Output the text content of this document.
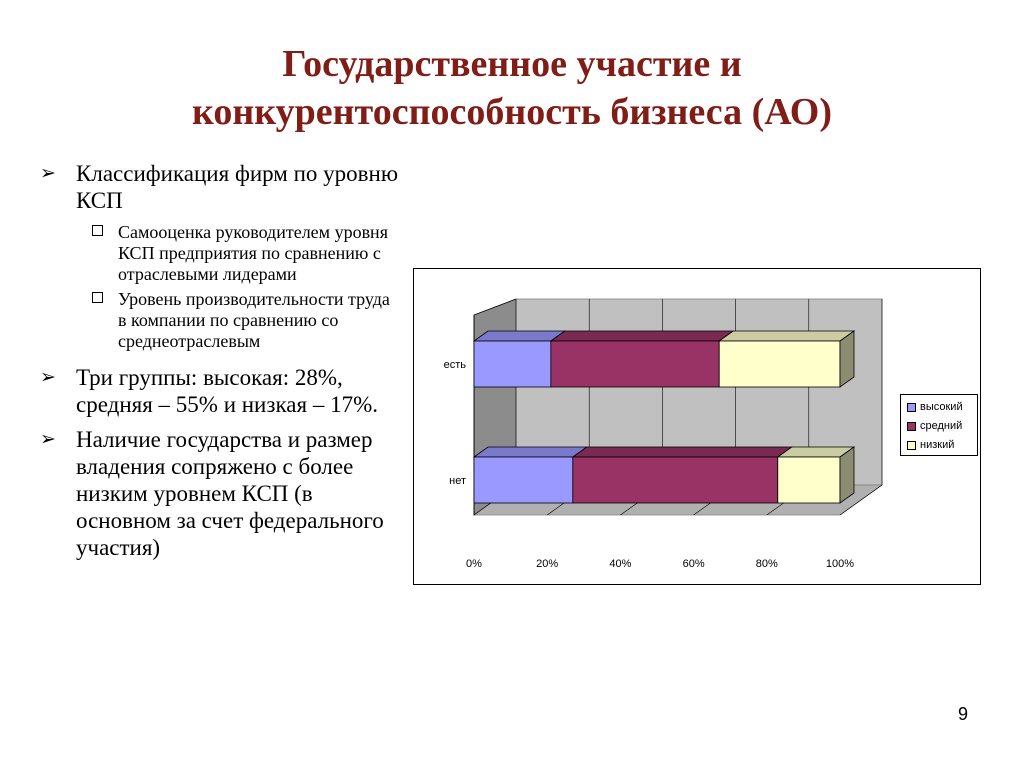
Государственное участие и
конкурентоспособность бизнеса (АО)
➢ Классификация фирм по уровню КСП
Самооценка руководителем уровня КСП предприятия по сравнению с отраслевыми лидерами
Уровень производительности труда в компании по сравнению со среднеотраслевым
➢ Три группы: высокая: 28%, средняя – 55% и низкая – 17%.
➢ Наличие государства и размер владения сопряжено с более низким уровнем КСП (в основном за счет федерального участия)
есть
нет
0%	20%	40%	60%	80%	100%
высокий
средний
низкий
9
